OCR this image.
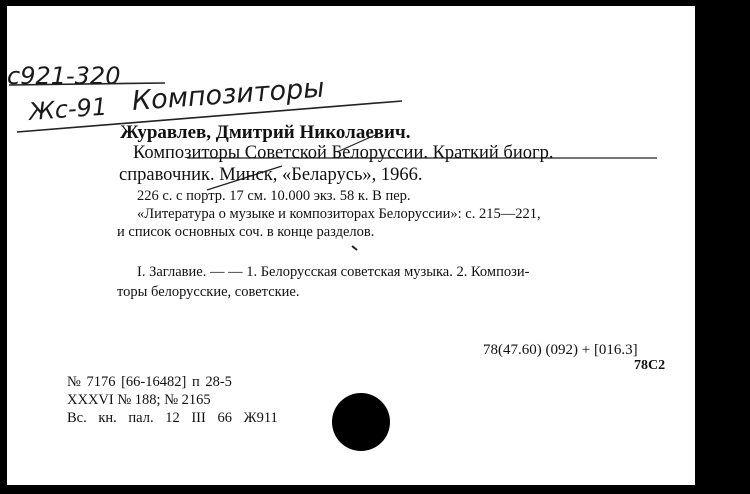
c921-320
Жс-91 Композиторы
Журавлев, Дмитрий Николаевич.
Композиторы Советской Белоруссии. Краткий биогр.
справочник. Минск, «Беларусь», 1966.
226 с. с портр. 17 см. 10.000 экз. 58 к. В пер.
«Литература о музыке и композиторах Белоруссии»: с. 215—221,
и список основных соч. в конце разделов.
I. Заглавие. — — 1. Белорусская советская музыка. 2. Компози-
торы белорусские, советские.
78(47.60) (092) + [016.3]
78С2
№ 7176 [66-16482] п 28-5
XXXVI № 188; № 2165
Вс. кн. пал. 12 III 66 Ж911
